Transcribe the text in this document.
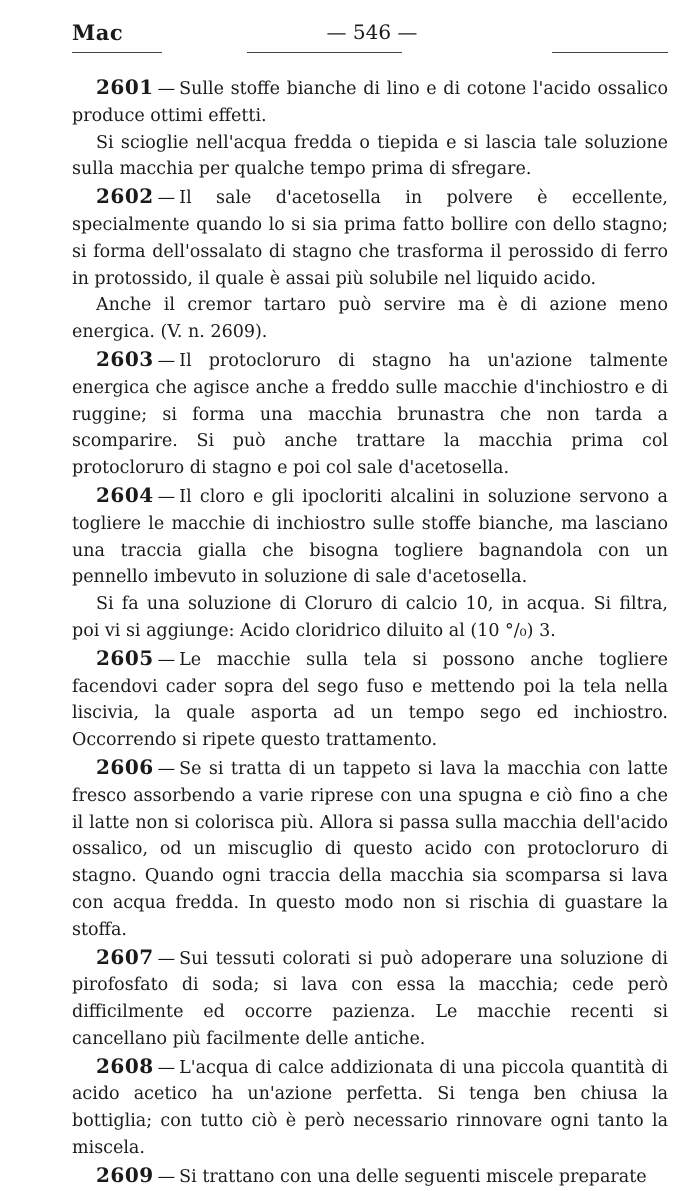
Mac	— 546 —

2601 — Sulle stoffe bianche di lino e di cotone l'acido ossalico produce ottimi effetti.

Si scioglie nell'acqua fredda o tiepida e si lascia tale soluzione sulla macchia per qualche tempo prima di sfregare.

2602 — Il sale d'acetosella in polvere è eccellente, specialmente quando lo si sia prima fatto bollire con dello stagno; si forma dell'ossalato di stagno che trasforma il perossido di ferro in protossido, il quale è assai più solubile nel liquido acido.

Anche il cremor tartaro può servire ma è di azione meno energica. (V. n. 2609).

2603 — Il protocloruro di stagno ha un'azione talmente energica che agisce anche a freddo sulle macchie d'inchiostro e di ruggine; si forma una macchia brunastra che non tarda a scomparire. Si può anche trattare la macchia prima col protocloruro di stagno e poi col sale d'acetosella.

2604 — Il cloro e gli ipocloriti alcalini in soluzione servono a togliere le macchie di inchiostro sulle stoffe bianche, ma lasciano una traccia gialla che bisogna togliere bagnandola con un pennello imbevuto in soluzione di sale d'acetosella.

Si fa una soluzione di Cloruro di calcio 10, in acqua. Si filtra, poi vi si aggiunge: Acido cloridrico diluito al (10 °/₀) 3.

2605 — Le macchie sulla tela si possono anche togliere facendovi cader sopra del sego fuso e mettendo poi la tela nella liscivia, la quale asporta ad un tempo sego ed inchiostro. Occorrendo si ripete questo trattamento.

2606 — Se si tratta di un tappeto si lava la macchia con latte fresco assorbendo a varie riprese con una spugna e ciò fino a che il latte non si colorisca più. Allora si passa sulla macchia dell'acido ossalico, od un miscuglio di questo acido con protocloruro di stagno. Quando ogni traccia della macchia sia scomparsa si lava con acqua fredda. In questo modo non si rischia di guastare la stoffa.

2607 — Sui tessuti colorati si può adoperare una soluzione di pirofosfato di soda; si lava con essa la macchia; cede però difficilmente ed occorre pazienza. Le macchie recenti si cancellano più facilmente delle antiche.

2608 — L'acqua di calce addizionata di una piccola quantità di acido acetico ha un'azione perfetta. Si tenga ben chiusa la bottiglia; con tutto ciò è però necessario rinnovare ogni tanto la miscela.

2609 — Si trattano con una delle seguenti miscele preparate
